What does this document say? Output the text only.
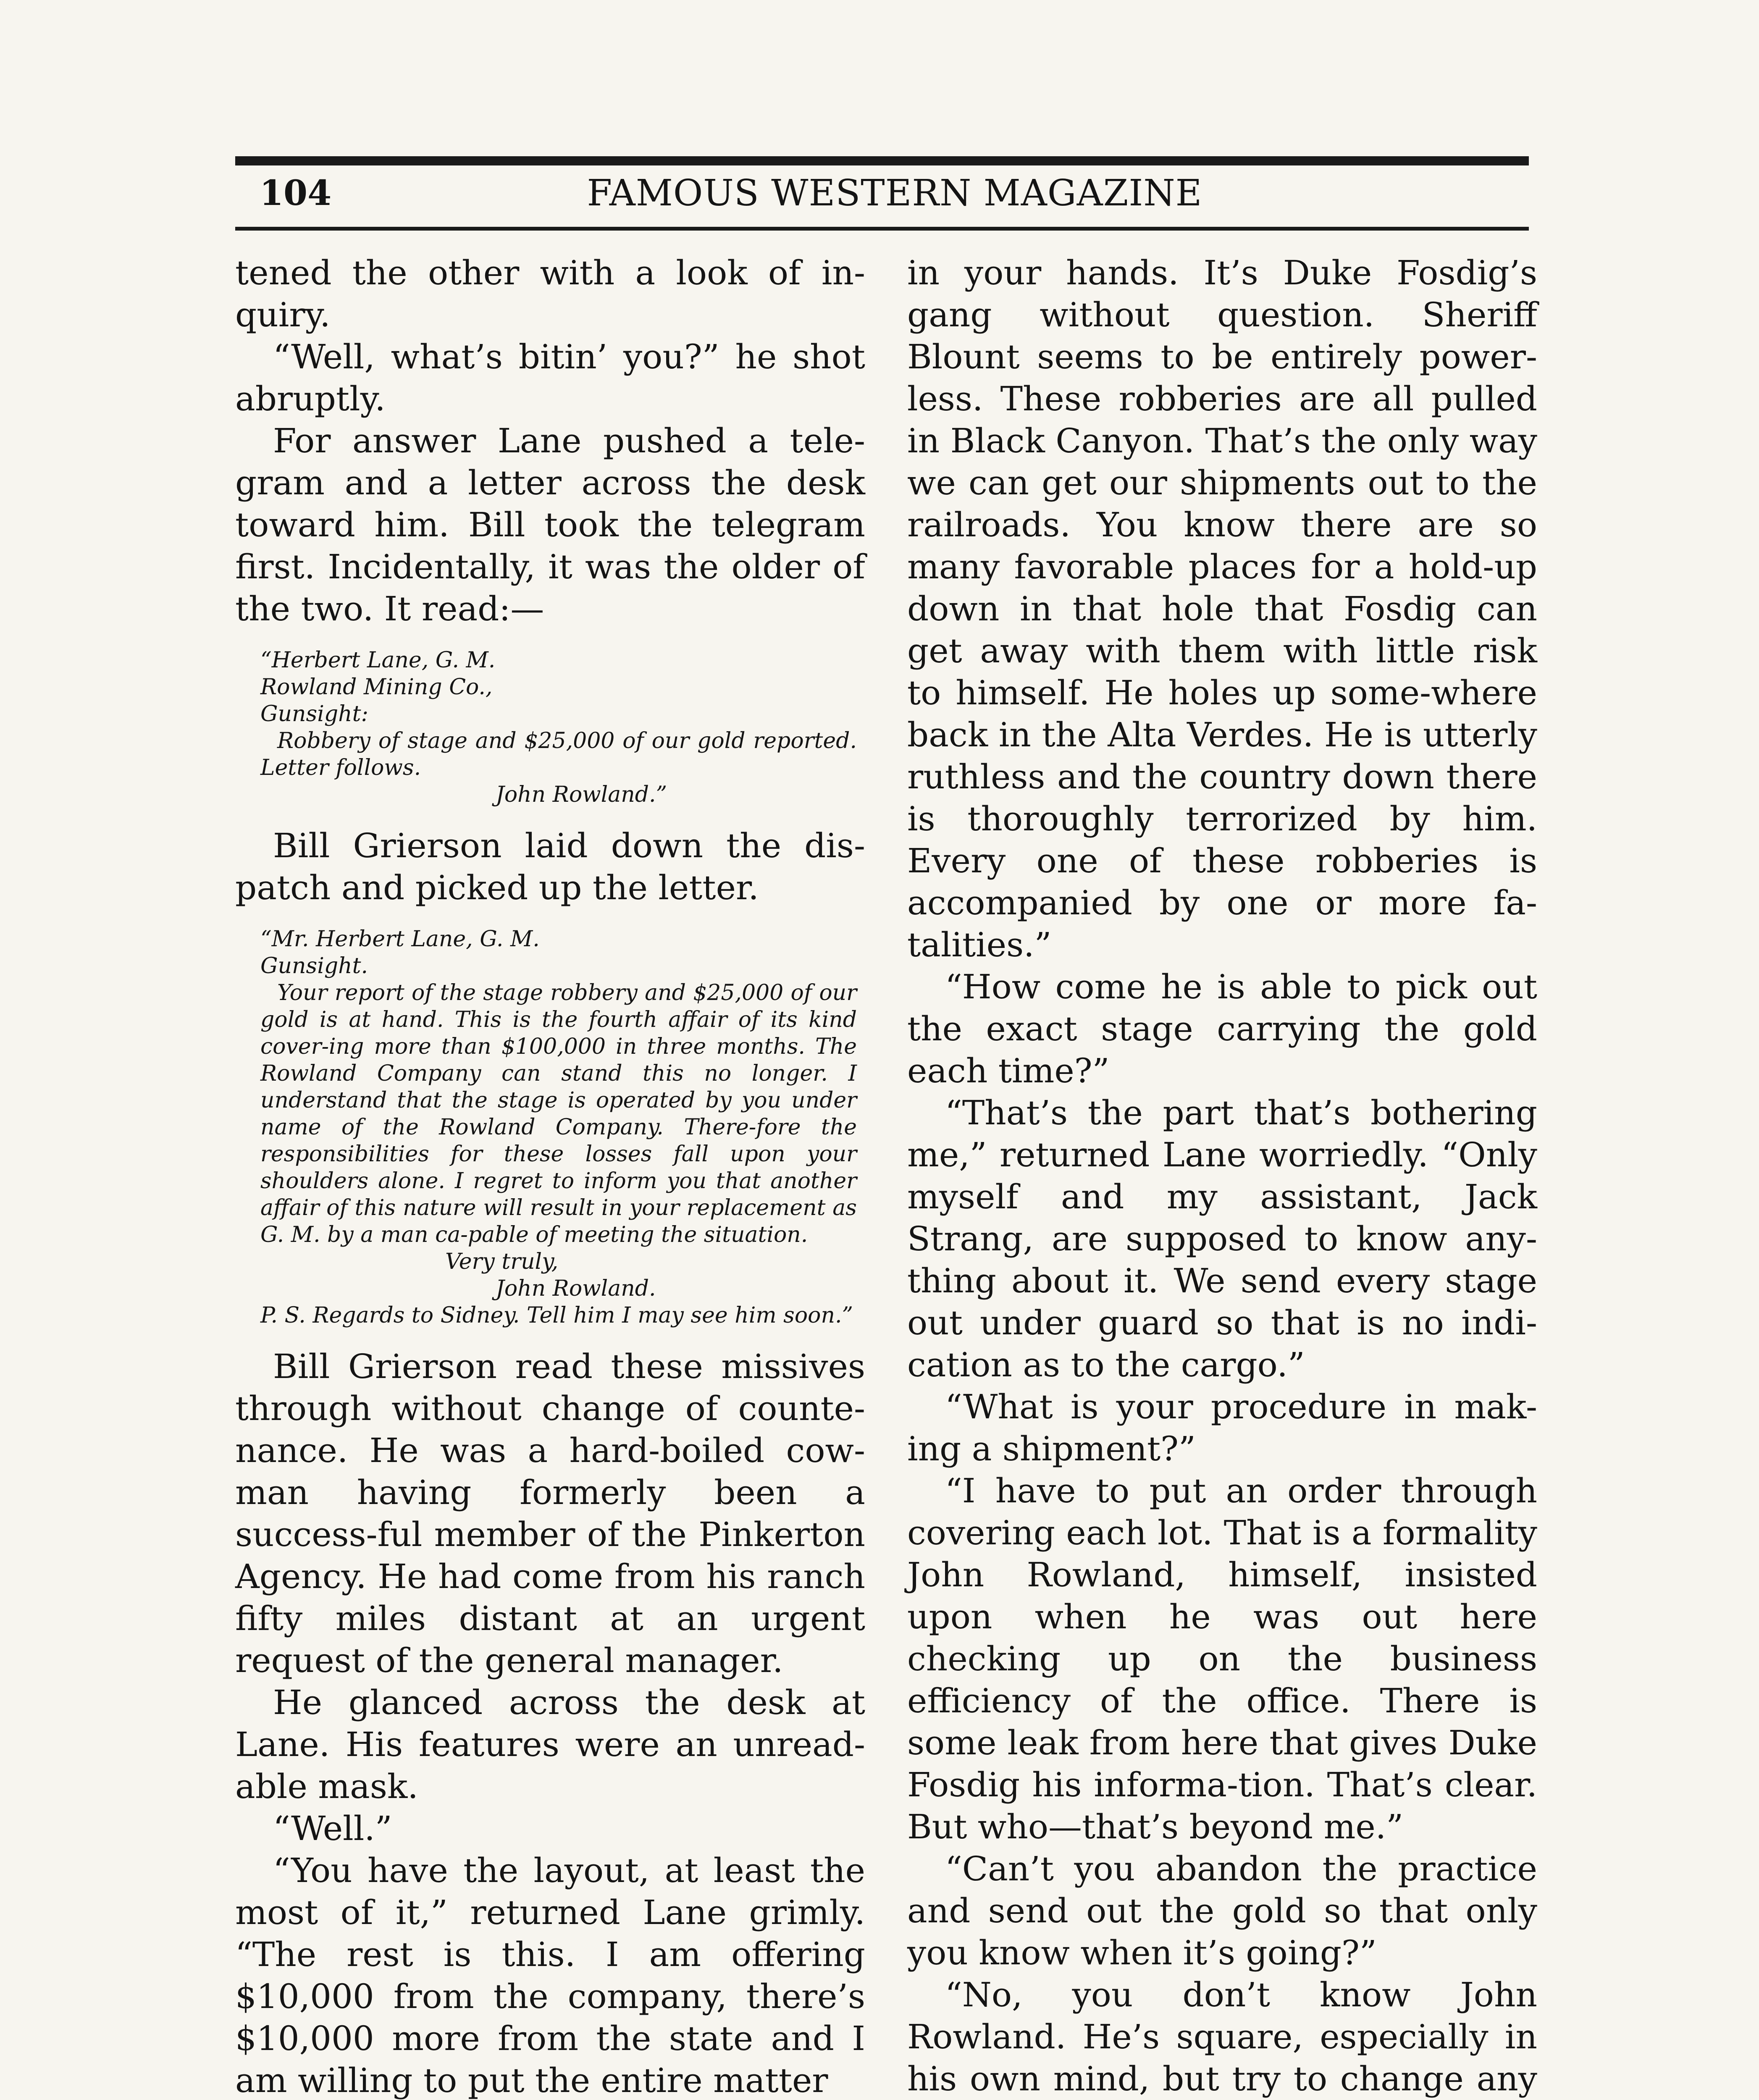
104	FAMOUS WESTERN MAGAZINE

tened the other with a look of in-quiry.

“Well, what’s bitin’ you?” he shot abruptly.

For answer Lane pushed a tele-gram and a letter across the desk toward him. Bill took the telegram first. Incidentally, it was the older of the two. It read:—

“Herbert Lane, G. M.
Rowland Mining Co.,
Gunsight:
Robbery of stage and $25,000 of our gold reported. Letter follows.
John Rowland.”

Bill Grierson laid down the dis-patch and picked up the letter.

“Mr. Herbert Lane, G. M.
Gunsight.
Your report of the stage robbery and $25,000 of our gold is at hand. This is the fourth affair of its kind cover-ing more than $100,000 in three months. The Rowland Company can stand this no longer. I understand that the stage is operated by you under name of the Rowland Company. There-fore the responsibilities for these losses fall upon your shoulders alone. I regret to inform you that another affair of this nature will result in your replacement as G. M. by a man ca-pable of meeting the situation.
Very truly,
John Rowland.
P. S. Regards to Sidney. Tell him I may see him soon.”

Bill Grierson read these missives through without change of counte-nance. He was a hard-boiled cow-man having formerly been a success-ful member of the Pinkerton Agency. He had come from his ranch fifty miles distant at an urgent request of the general manager.

He glanced across the desk at Lane. His features were an unread-able mask.

“Well.”

“You have the layout, at least the most of it,” returned Lane grimly. “The rest is this. I am offering $10,000 from the company, there’s $10,000 more from the state and I am willing to put the entire matter

in your hands. It’s Duke Fosdig’s gang without question. Sheriff Blount seems to be entirely power-less. These robberies are all pulled in Black Canyon. That’s the only way we can get our shipments out to the railroads. You know there are so many favorable places for a hold-up down in that hole that Fosdig can get away with them with little risk to himself. He holes up some-where back in the Alta Verdes. He is utterly ruthless and the country down there is thoroughly terrorized by him. Every one of these robberies is accompanied by one or more fa-talities.”

“How come he is able to pick out the exact stage carrying the gold each time?”

“That’s the part that’s bothering me,” returned Lane worriedly. “Only myself and my assistant, Jack Strang, are supposed to know any-thing about it. We send every stage out under guard so that is no indi-cation as to the cargo.”

“What is your procedure in mak-ing a shipment?”

“I have to put an order through covering each lot. That is a formality John Rowland, himself, insisted upon when he was out here checking up on the business efficiency of the office. There is some leak from here that gives Duke Fosdig his informa-tion. That’s clear. But who—that’s beyond me.”

“Can’t you abandon the practice and send out the gold so that only you know when it’s going?”

“No, you don’t know John Rowland. He’s square, especially in his own mind, but try to change any
